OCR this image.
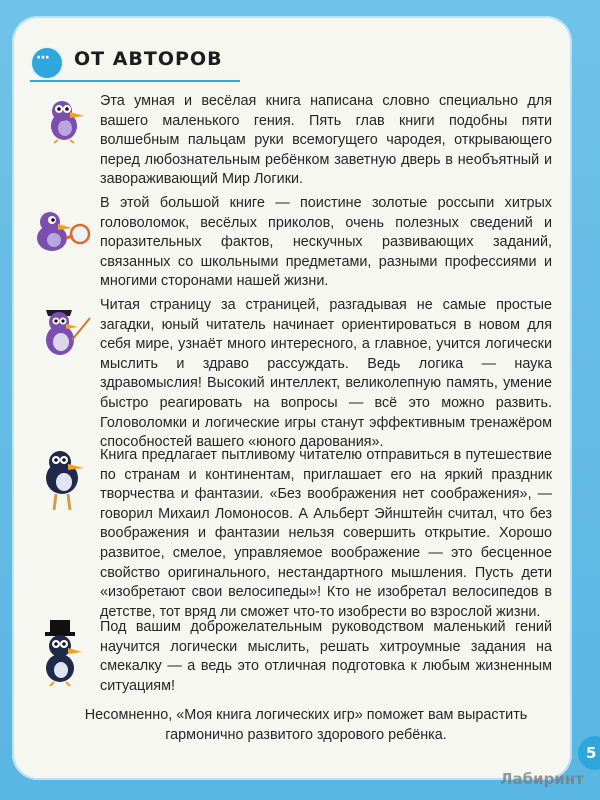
···
ОТ АВТОРОВ

Эта умная и весёлая книга написана словно специально для вашего маленького гения. Пять глав книги подобны пяти волшебным пальцам руки всемогущего чародея, открывающего перед любознательным ребёнком заветную дверь в необъятный и завораживающий Мир Логики.

В этой большой книге — поистине золотые россыпи хитрых головоломок, весёлых приколов, очень полезных сведений и поразительных фактов, нескучных развивающих заданий, связанных со школьными предметами, разными профессиями и многими сторонами нашей жизни.

Читая страницу за страницей, разгадывая не самые простые загадки, юный читатель начинает ориентироваться в новом для себя мире, узнаёт много интересного, а главное, учится логически мыслить и здраво рассуждать. Ведь логика — наука здравомыслия! Высокий интеллект, великолепную память, умение быстро реагировать на вопросы — всё это можно развить. Головоломки и логические игры станут эффективным тренажёром способностей вашего «юного дарования».

Книга предлагает пытливому читателю отправиться в путешествие по странам и континентам, приглашает его на яркий праздник творчества и фантазии. «Без воображения нет соображения», — говорил Михаил Ломоносов. А Альберт Эйнштейн считал, что без воображения и фантазии нельзя совершить открытие. Хорошо развитое, смелое, управляемое воображение — это бесценное свойство оригинального, нестандартного мышления. Пусть дети «изобретают свои велосипеды»! Кто не изобретал велосипедов в детстве, тот вряд ли сможет что-то изобрести во взрослой жизни.

Под вашим доброжелательным руководством маленький гений научится логически мыслить, решать хитроумные задания на смекалку — а ведь это отличная подготовка к любым жизненным ситуациям!

Несомненно, «Моя книга логических игр» поможет вам вырастить гармонично развитого здорового ребёнка.
5
Лабиринт
